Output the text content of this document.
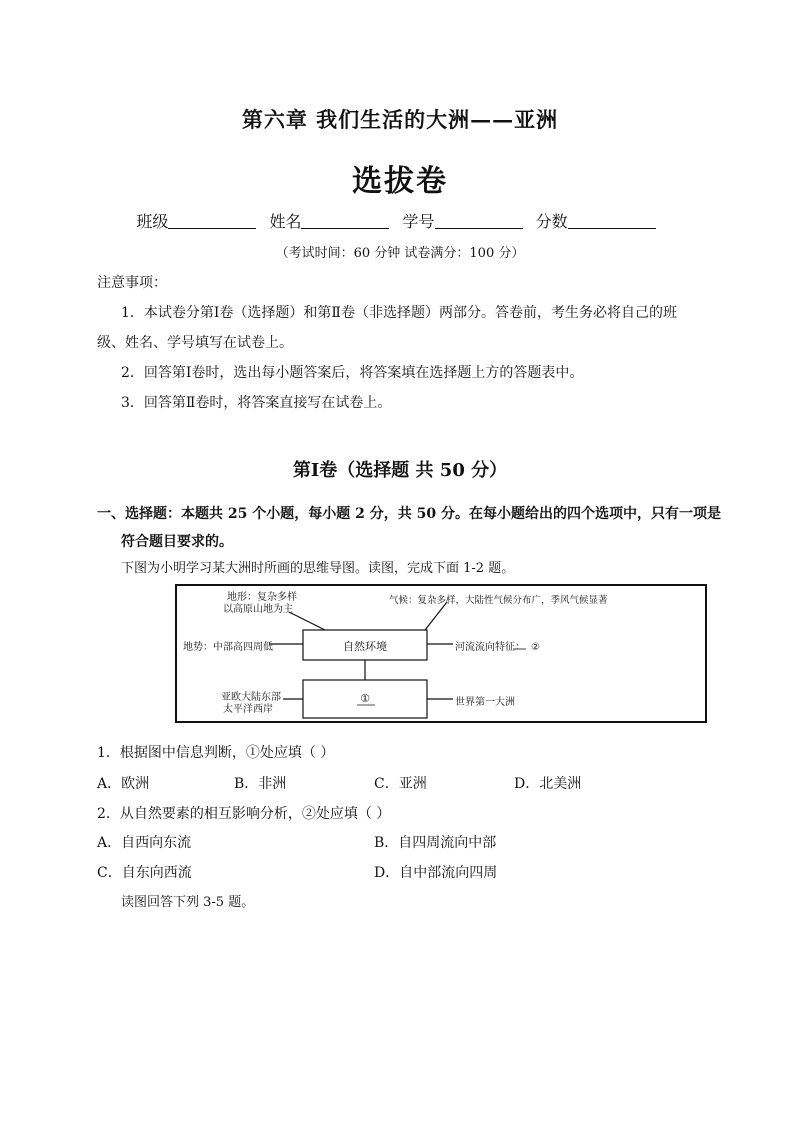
第六章 我们生活的大洲——亚洲
选拔卷
班级	姓名	学号	分数
（考试时间：60 分钟 试卷满分：100 分）
注意事项：
1．本试卷分第Ⅰ卷（选择题）和第Ⅱ卷（非选择题）两部分。答卷前，考生务必将自己的班
级、姓名、学号填写在试卷上。
2．回答第Ⅰ卷时，选出每小题答案后，将答案填在选择题上方的答题表中。
3．回答第Ⅱ卷时，将答案直接写在试卷上。
第Ⅰ卷（选择题 共 50 分）
一、选择题：本题共 25 个小题，每小题 2 分，共 50 分。在每小题给出的四个选项中，只有一项是
符合题目要求的。
下图为小明学习某大洲时所画的思维导图。读图，完成下面 1-2 题。
地形：复杂多样
以高原山地为主
气候：复杂多样，大陆性气候分布广，季风气候显著
地势：中部高四周低	自然环境	河流流向特征： ②
亚欧大陆东部
太平洋西岸
①	世界第一大洲
1．根据图中信息判断，①处应填（ ）
A．欧洲	B．非洲	C．亚洲	D．北美洲
2．从自然要素的相互影响分析，②处应填（ ）
A．自西向东流	B．自四周流向中部
C．自东向西流	D．自中部流向四周
读图回答下列 3-5 题。
